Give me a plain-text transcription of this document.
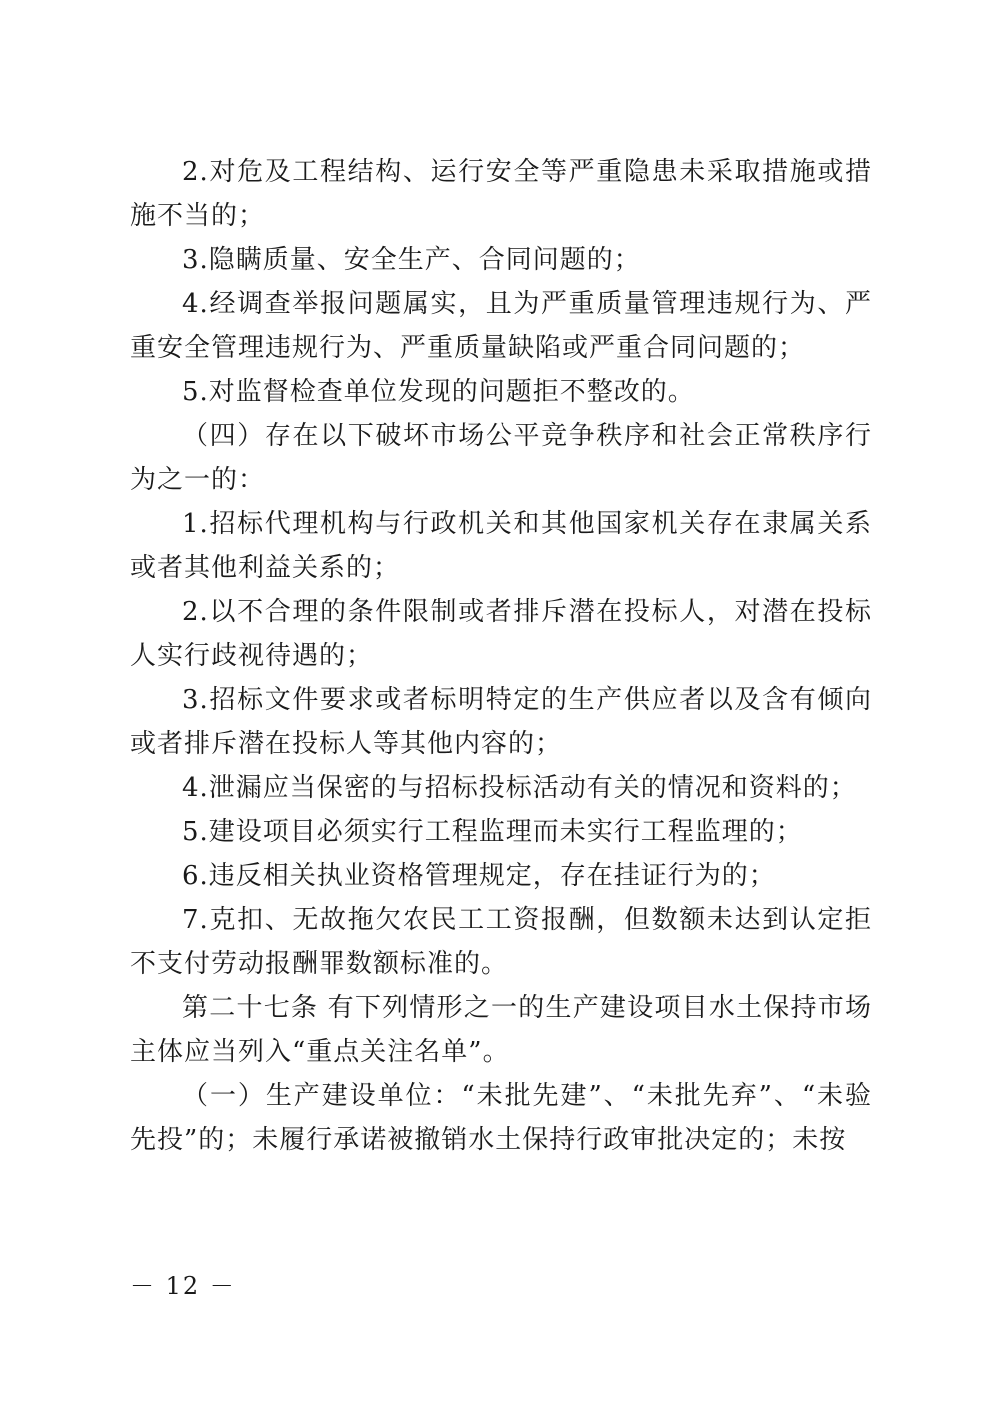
2.对危及工程结构、运行安全等严重隐患未采取措施或措施不当的；

3.隐瞒质量、安全生产、合同问题的；

4.经调查举报问题属实，且为严重质量管理违规行为、严重安全管理违规行为、严重质量缺陷或严重合同问题的；

5.对监督检查单位发现的问题拒不整改的。

（四）存在以下破坏市场公平竞争秩序和社会正常秩序行为之一的：

1.招标代理机构与行政机关和其他国家机关存在隶属关系或者其他利益关系的；

2.以不合理的条件限制或者排斥潜在投标人，对潜在投标人实行歧视待遇的；

3.招标文件要求或者标明特定的生产供应者以及含有倾向或者排斥潜在投标人等其他内容的；

4.泄漏应当保密的与招标投标活动有关的情况和资料的；

5.建设项目必须实行工程监理而未实行工程监理的；

6.违反相关执业资格管理规定，存在挂证行为的；

7.克扣、无故拖欠农民工工资报酬，但数额未达到认定拒不支付劳动报酬罪数额标准的。

第二十七条 有下列情形之一的生产建设项目水土保持市场主体应当列入“重点关注名单”。

（一）生产建设单位：“未批先建”、“未批先弃”、“未验先投”的；未履行承诺被撤销水土保持行政审批决定的；未按

－ 12 －
